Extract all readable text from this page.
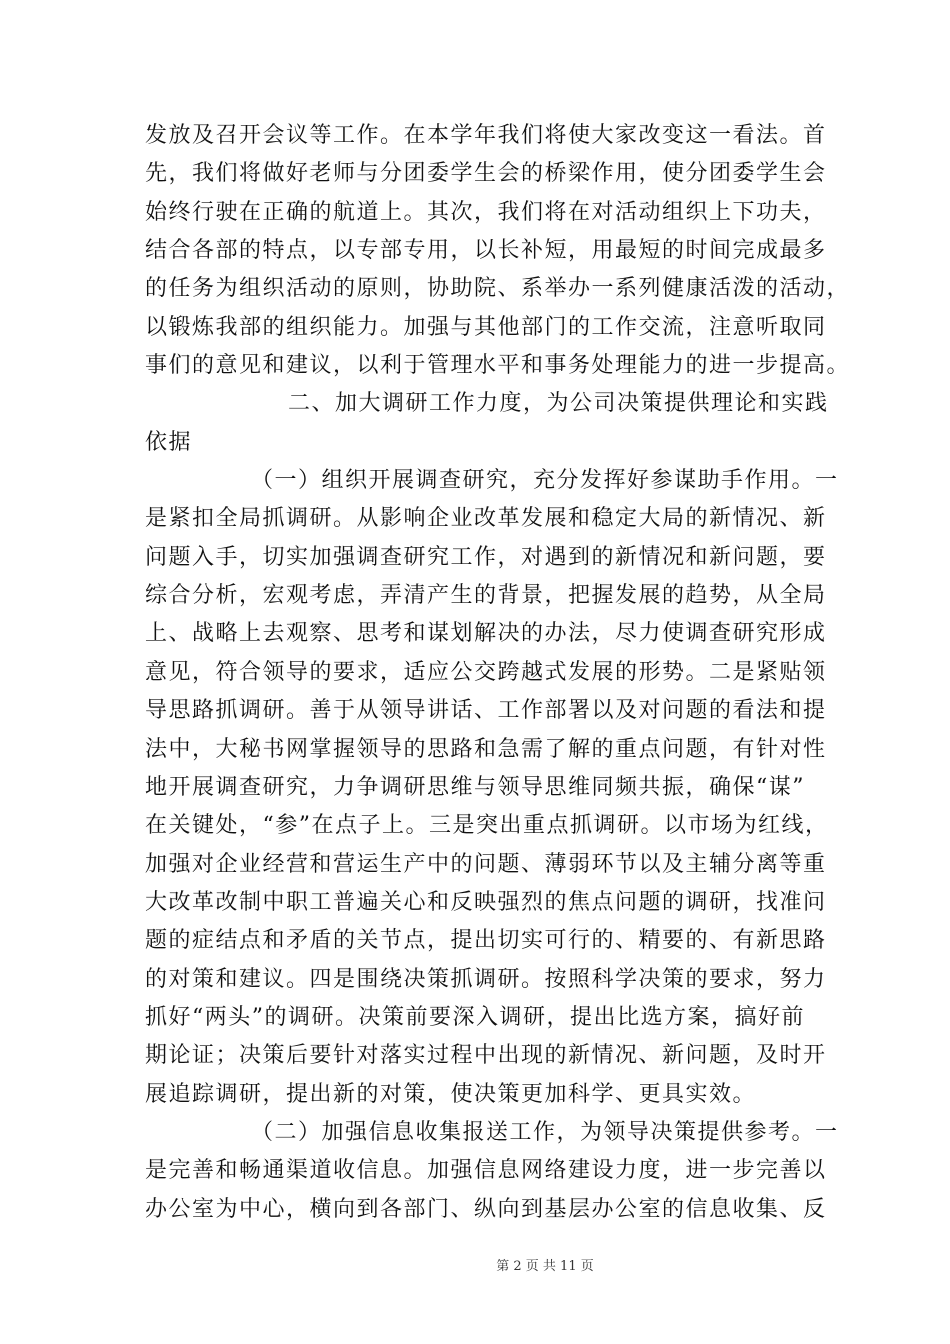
发放及召开会议等工作。在本学年我们将使大家改变这一看法。首
先，我们将做好老师与分团委学生会的桥梁作用，使分团委学生会
始终行驶在正确的航道上。其次，我们将在对活动组织上下功夫，
结合各部的特点，以专部专用，以长补短，用最短的时间完成最多
的任务为组织活动的原则，协助院、系举办一系列健康活泼的活动，
以锻炼我部的组织能力。加强与其他部门的工作交流，注意听取同
事们的意见和建议，以利于管理水平和事务处理能力的进一步提高。
二、加大调研工作力度，为公司决策提供理论和实践
依据
（一）组织开展调查研究，充分发挥好参谋助手作用。一
是紧扣全局抓调研。从影响企业改革发展和稳定大局的新情况、新
问题入手，切实加强调查研究工作，对遇到的新情况和新问题，要
综合分析，宏观考虑，弄清产生的背景，把握发展的趋势，从全局
上、战略上去观察、思考和谋划解决的办法，尽力使调查研究形成
意见，符合领导的要求，适应公交跨越式发展的形势。二是紧贴领
导思路抓调研。善于从领导讲话、工作部署以及对问题的看法和提
法中，大秘书网掌握领导的思路和急需了解的重点问题，有针对性
地开展调查研究，力争调研思维与领导思维同频共振，确保“谋”
在关键处，“参”在点子上。三是突出重点抓调研。以市场为红线，
加强对企业经营和营运生产中的问题、薄弱环节以及主辅分离等重
大改革改制中职工普遍关心和反映强烈的焦点问题的调研，找准问
题的症结点和矛盾的关节点，提出切实可行的、精要的、有新思路
的对策和建议。四是围绕决策抓调研。按照科学决策的要求，努力
抓好“两头”的调研。决策前要深入调研，提出比选方案，搞好前
期论证；决策后要针对落实过程中出现的新情况、新问题，及时开
展追踪调研，提出新的对策，使决策更加科学、更具实效。
（二）加强信息收集报送工作，为领导决策提供参考。一
是完善和畅通渠道收信息。加强信息网络建设力度，进一步完善以
办公室为中心，横向到各部门、纵向到基层办公室的信息收集、反
第 2 页 共 11 页
